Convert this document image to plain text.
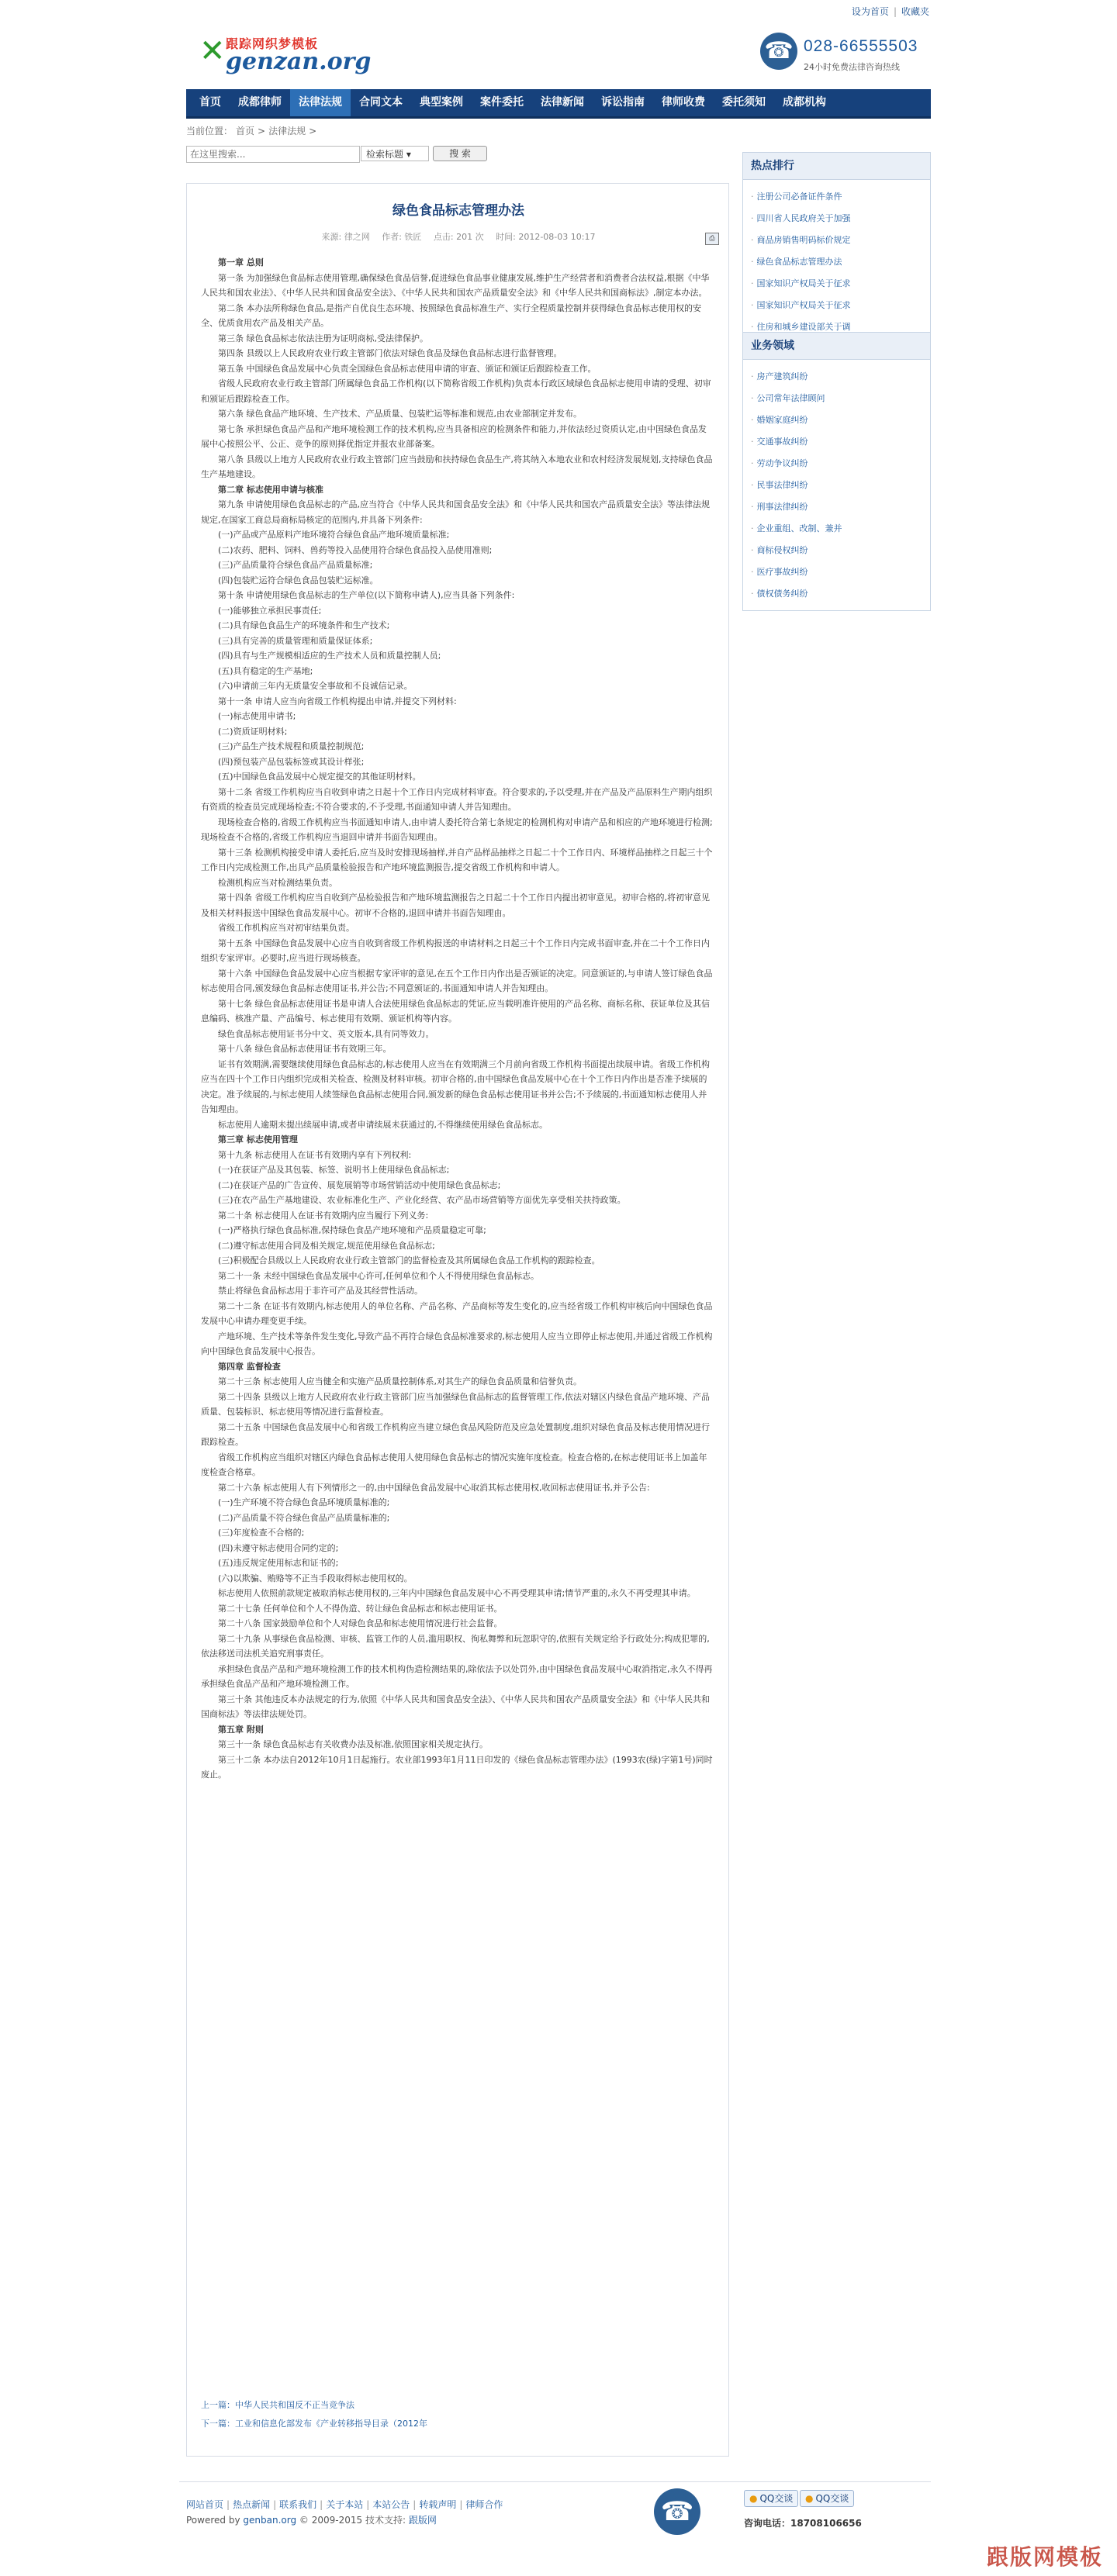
设为首页 | 收藏夹
✕ 跟踪网织梦模板
genzan.org	☎ 028-66555503
24小时免费法律咨询热线
首页	成都律师	法律法规	合同文本	典型案例	案件委托	法律新闻	诉讼指南	律师收费	委托须知	成都机构
当前位置： 首页 > 法律法规 >
在这里搜索...	检索标题 ▾	搜 索
绿色食品标志管理办法
来源: 律之网 作者: 铁匠 点击: 201 次 时间: 2012-08-03 10:17	⎙

第一章 总则

第一条 为加强绿色食品标志使用管理,确保绿色食品信誉,促进绿色食品事业健康发展,维护生产经营者和消费者合法权益,根据《中华人民共和国农业法》、《中华人民共和国食品安全法》、《中华人民共和国农产品质量安全法》和《中华人民共和国商标法》,制定本办法。

第二条 本办法所称绿色食品,是指产自优良生态环境、按照绿色食品标准生产、实行全程质量控制并获得绿色食品标志使用权的安全、优质食用农产品及相关产品。

第三条 绿色食品标志依法注册为证明商标,受法律保护。

第四条 县级以上人民政府农业行政主管部门依法对绿色食品及绿色食品标志进行监督管理。

第五条 中国绿色食品发展中心负责全国绿色食品标志使用申请的审查、颁证和颁证后跟踪检查工作。

省级人民政府农业行政主管部门所属绿色食品工作机构(以下简称省级工作机构)负责本行政区域绿色食品标志使用申请的受理、初审和颁证后跟踪检查工作。

第六条 绿色食品产地环境、生产技术、产品质量、包装贮运等标准和规范,由农业部制定并发布。

第七条 承担绿色食品产品和产地环境检测工作的技术机构,应当具备相应的检测条件和能力,并依法经过资质认定,由中国绿色食品发展中心按照公平、公正、竞争的原则择优指定并报农业部备案。

第八条 县级以上地方人民政府农业行政主管部门应当鼓励和扶持绿色食品生产,将其纳入本地农业和农村经济发展规划,支持绿色食品生产基地建设。

第二章 标志使用申请与核准

第九条 申请使用绿色食品标志的产品,应当符合《中华人民共和国食品安全法》和《中华人民共和国农产品质量安全法》等法律法规规定,在国家工商总局商标局核定的范围内,并具备下列条件:

(一)产品或产品原料产地环境符合绿色食品产地环境质量标准;

(二)农药、肥料、饲料、兽药等投入品使用符合绿色食品投入品使用准则;

(三)产品质量符合绿色食品产品质量标准;

(四)包装贮运符合绿色食品包装贮运标准。

第十条 申请使用绿色食品标志的生产单位(以下简称申请人),应当具备下列条件:

(一)能够独立承担民事责任;

(二)具有绿色食品生产的环境条件和生产技术;

(三)具有完善的质量管理和质量保证体系;

(四)具有与生产规模相适应的生产技术人员和质量控制人员;

(五)具有稳定的生产基地;

(六)申请前三年内无质量安全事故和不良诚信记录。

第十一条 申请人应当向省级工作机构提出申请,并提交下列材料:

(一)标志使用申请书;

(二)资质证明材料;

(三)产品生产技术规程和质量控制规范;

(四)预包装产品包装标签或其设计样张;

(五)中国绿色食品发展中心规定提交的其他证明材料。

第十二条 省级工作机构应当自收到申请之日起十个工作日内完成材料审查。符合要求的,予以受理,并在产品及产品原料生产期内组织有资质的检查员完成现场检查;不符合要求的,不予受理,书面通知申请人并告知理由。

现场检查合格的,省级工作机构应当书面通知申请人,由申请人委托符合第七条规定的检测机构对申请产品和相应的产地环境进行检测;现场检查不合格的,省级工作机构应当退回申请并书面告知理由。

第十三条 检测机构接受申请人委托后,应当及时安排现场抽样,并自产品样品抽样之日起二十个工作日内、环境样品抽样之日起三十个工作日内完成检测工作,出具产品质量检验报告和产地环境监测报告,提交省级工作机构和申请人。

检测机构应当对检测结果负责。

第十四条 省级工作机构应当自收到产品检验报告和产地环境监测报告之日起二十个工作日内提出初审意见。初审合格的,将初审意见及相关材料报送中国绿色食品发展中心。初审不合格的,退回申请并书面告知理由。

省级工作机构应当对初审结果负责。

第十五条 中国绿色食品发展中心应当自收到省级工作机构报送的申请材料之日起三十个工作日内完成书面审查,并在二十个工作日内组织专家评审。必要时,应当进行现场核查。

第十六条 中国绿色食品发展中心应当根据专家评审的意见,在五个工作日内作出是否颁证的决定。同意颁证的,与申请人签订绿色食品标志使用合同,颁发绿色食品标志使用证书,并公告;不同意颁证的,书面通知申请人并告知理由。

第十七条 绿色食品标志使用证书是申请人合法使用绿色食品标志的凭证,应当载明准许使用的产品名称、商标名称、获证单位及其信息编码、核准产量、产品编号、标志使用有效期、颁证机构等内容。

绿色食品标志使用证书分中文、英文版本,具有同等效力。

第十八条 绿色食品标志使用证书有效期三年。

证书有效期满,需要继续使用绿色食品标志的,标志使用人应当在有效期满三个月前向省级工作机构书面提出续展申请。省级工作机构应当在四十个工作日内组织完成相关检查、检测及材料审核。初审合格的,由中国绿色食品发展中心在十个工作日内作出是否准予续展的决定。准予续展的,与标志使用人续签绿色食品标志使用合同,颁发新的绿色食品标志使用证书并公告;不予续展的,书面通知标志使用人并告知理由。

标志使用人逾期未提出续展申请,或者申请续展未获通过的,不得继续使用绿色食品标志。

第三章 标志使用管理

第十九条 标志使用人在证书有效期内享有下列权利:

(一)在获证产品及其包装、标签、说明书上使用绿色食品标志;

(二)在获证产品的广告宣传、展览展销等市场营销活动中使用绿色食品标志;

(三)在农产品生产基地建设、农业标准化生产、产业化经营、农产品市场营销等方面优先享受相关扶持政策。

第二十条 标志使用人在证书有效期内应当履行下列义务:

(一)严格执行绿色食品标准,保持绿色食品产地环境和产品质量稳定可靠;

(二)遵守标志使用合同及相关规定,规范使用绿色食品标志;

(三)积极配合县级以上人民政府农业行政主管部门的监督检查及其所属绿色食品工作机构的跟踪检查。

第二十一条 未经中国绿色食品发展中心许可,任何单位和个人不得使用绿色食品标志。

禁止将绿色食品标志用于非许可产品及其经营性活动。

第二十二条 在证书有效期内,标志使用人的单位名称、产品名称、产品商标等发生变化的,应当经省级工作机构审核后向中国绿色食品发展中心申请办理变更手续。

产地环境、生产技术等条件发生变化,导致产品不再符合绿色食品标准要求的,标志使用人应当立即停止标志使用,并通过省级工作机构向中国绿色食品发展中心报告。

第四章 监督检查

第二十三条 标志使用人应当健全和实施产品质量控制体系,对其生产的绿色食品质量和信誉负责。

第二十四条 县级以上地方人民政府农业行政主管部门应当加强绿色食品标志的监督管理工作,依法对辖区内绿色食品产地环境、产品质量、包装标识、标志使用等情况进行监督检查。

第二十五条 中国绿色食品发展中心和省级工作机构应当建立绿色食品风险防范及应急处置制度,组织对绿色食品及标志使用情况进行跟踪检查。

省级工作机构应当组织对辖区内绿色食品标志使用人使用绿色食品标志的情况实施年度检查。检查合格的,在标志使用证书上加盖年度检查合格章。

第二十六条 标志使用人有下列情形之一的,由中国绿色食品发展中心取消其标志使用权,收回标志使用证书,并予公告:

(一)生产环境不符合绿色食品环境质量标准的;

(二)产品质量不符合绿色食品产品质量标准的;

(三)年度检查不合格的;

(四)未遵守标志使用合同约定的;

(五)违反规定使用标志和证书的;

(六)以欺骗、贿赂等不正当手段取得标志使用权的。

标志使用人依照前款规定被取消标志使用权的,三年内中国绿色食品发展中心不再受理其申请;情节严重的,永久不再受理其申请。

第二十七条 任何单位和个人不得伪造、转让绿色食品标志和标志使用证书。

第二十八条 国家鼓励单位和个人对绿色食品和标志使用情况进行社会监督。

第二十九条 从事绿色食品检测、审核、监管工作的人员,滥用职权、徇私舞弊和玩忽职守的,依照有关规定给予行政处分;构成犯罪的,依法移送司法机关追究刑事责任。

承担绿色食品产品和产地环境检测工作的技术机构伪造检测结果的,除依法予以处罚外,由中国绿色食品发展中心取消指定,永久不得再承担绿色食品产品和产地环境检测工作。

第三十条 其他违反本办法规定的行为,依照《中华人民共和国食品安全法》、《中华人民共和国农产品质量安全法》和《中华人民共和国商标法》等法律法规处罚。

第五章 附则

第三十一条 绿色食品标志有关收费办法及标准,依照国家相关规定执行。

第三十二条 本办法自2012年10月1日起施行。农业部1993年1月11日印发的《绿色食品标志管理办法》(1993农(绿)字第1号)同时废止。

上一篇：中华人民共和国反不正当竞争法
下一篇：工业和信息化部发布《产业转移指导目录（2012年
热点排行
· 注册公司必备证件条件
· 四川省人民政府关于加强
· 商品房销售明码标价规定
· 绿色食品标志管理办法
· 国家知识产权局关于征求
· 国家知识产权局关于征求
· 住房和城乡建设部关于调
业务领域
· 房产建筑纠纷
· 公司常年法律顾问
· 婚姻家庭纠纷
· 交通事故纠纷
· 劳动争议纠纷
· 民事法律纠纷
· 刑事法律纠纷
· 企业重组、改制、兼并
· 商标侵权纠纷
· 医疗事故纠纷
· 债权债务纠纷
网站首页 | 热点新闻 | 联系我们 | 关于本站 | 本站公告 | 转载声明 | 律师合作
Powered by genban.org © 2009-2015 技术支持: 跟版网	☎	● QQ交谈	● QQ交谈
咨询电话：18708106656
跟版网模板
